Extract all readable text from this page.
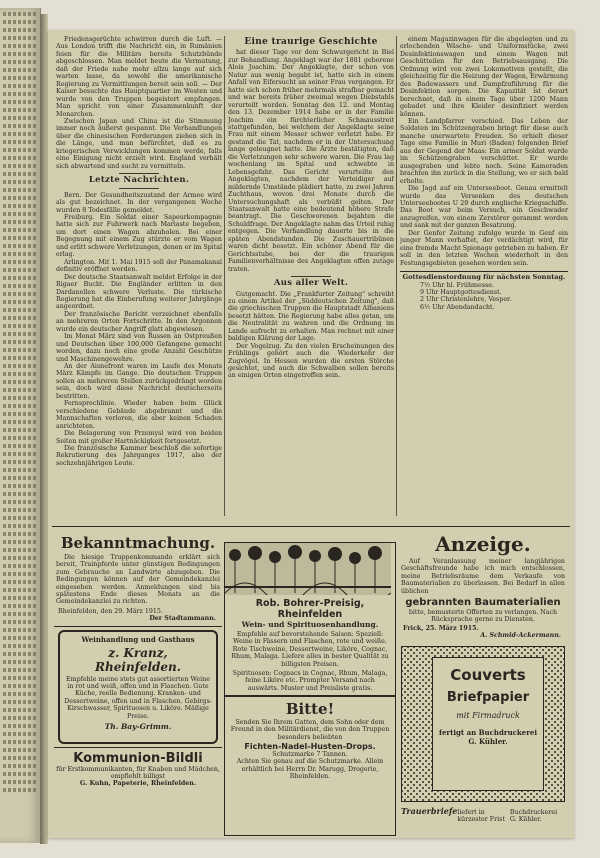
Friedensgerüchte schwirren durch die Luft. — Aus London trifft die Nachricht ein, in Rumänien feien für die Militärs bereits Schutzbünde abgeschlossen. Man meldet heute die Vermutung, daß der Friede nahe mehr allzu lange auf sich warten lasse, da sowohl die amerikanische Regierung zu Vermittlungen bereit sein soll. — Der Kaiser besuchte das Hauptquartier im Westen und wurde von den Truppen begeistert empfangen. Man spricht von einer Zusammenkunft der Monarchen.

Zwischen Japan und China ist die Stimmung immer noch äußerst gespannt. Die Verhandlungen über die chinesischen Forderungen ziehen sich in die Länge, und man befürchtet, daß es zu kriegerischen Verwicklungen kommen werde, falls eine Einigung nicht erzielt wird. England verhält sich abwartend und sucht zu vermitteln.

Letzte Nachrichten.

Bern. Der Gesundheitszustand der Armee wird als gut bezeichnet. In der vergangenen Woche wurden 8 Todesfälle gemeldet.

Freiburg. Ein Soldat einer Sapeurkompagnie hatte sich zur Fuhrwerk nach Mariaste begeben, um dort einen Wagen abzuholen. Bei einer Begegnung mit einem Zug stürzte er vom Wagen und erlitt schwere Verletzungen, denen er im Spital erlag.

Arlington. Mit 1. Mai 1915 soll der Panamakanal definitiv eröffnet werden.

Der deutsche Staatsanwalt meldet Erfolge in der Rigaer Bucht. Die Engländer erlitten in den Dardanellen schwere Verluste. Die türkische Regierung hat die Einberufung weiterer Jahrgänge angeordnet.

Der französische Bericht verzeichnet ebenfalls an mehreren Orten Fortschritte. In den Argonnen wurde ein deutscher Angriff glatt abgewiesen.

Im Monat März sind von Russen an Ostpreußen und Deutschen über 100,000 Gefangene gemacht worden, dazu noch eine große Anzahl Geschütze und Maschinengewehre.

An der Aisnefront waren im Laufe des Monats März Kämpfe im Gange. Die deutschen Truppen sollen an mehreren Stellen zurückgedrängt worden sein, doch wird diese Nachricht deutscherseits bestritten.

Fernsprechlinie. Wieder haben beim Glück verschiedene Gebäude abgebrannt und die Mannschaften verloren, die aber keinen Schaden anrichteten.

Die Belagerung von Przemysl wird von beiden Seiten mit großer Hartnäckigkeit fortgesetzt.

Die französische Kammer beschloß die sofortige Rekrutierung des Jahrganges 1917, also der sechzehnjährigen Leute.

Eine traurige Geschichte

hat dieser Tage vor dem Schwurgericht in Biel zur Behandlung. Angeklagt war der 1881 geborene Alois Joachim. Der Angeklagte, der schon von Natur aus wenig begabt ist, hatte sich in einem Anfall von Eifersucht an seiner Frau vergangen. Er hatte sich schon früher mehrmals strafbar gemacht und war bereits früher zweimal wegen Diebstahls verurteilt worden. Sonntag den 12. und Montag den 13. Dezember 1914 habe er in der Familie Joachim ein fürchterlicher Schmausstreit stattgefunden, bei welchem der Angeklagte seine Frau mit einem Messer schwer verletzt habe. Er gestand die Tat, nachdem er in der Untersuchung lange geleugnet hatte. Die Ärzte bestätigten, daß die Verletzungen sehr schwere waren. Die Frau lag wochenlang im Spital und schwebte in Lebensgefahr. Das Gericht verurteilte den Angeklagten, nachdem der Verteidiger auf mildernde Umstände plädiert hatte, zu zwei Jahren Zuchthaus, wovon drei Monate durch die Untersuchungshaft als verbüßt gelten. Der Staatsanwalt hatte eine bedeutend höhere Strafe beantragt. Die Geschworenen bejahten die Schuldfrage. Der Angeklagte nahm das Urteil ruhig entgegen. Die Verhandlung dauerte bis in die späten Abendstunden. Die Zuschauertribünen waren dicht besetzt. Ein schöner Abend für die Gerichtsstube, bei der die traurigen Familienverhältnisse des Angeklagten offen zutage traten.

Aus aller Welt.

Gutgemacht. Die „Frankfurter Zeitung" schreibt zu einem Artikel der „Süddeutschen Zeitung", daß die griechischen Truppen die Hauptstadt Albaniens besetzt hätten. Die Regierung habe alles getan, um die Neutralität zu wahren und die Ordnung im Lande aufrecht zu erhalten. Man rechnet mit einer baldigen Klärung der Lage.

Der Vogelzug. Zu den vielen Erscheinungen des Frühlings gehört auch die Wiederkehr der Zugvögel. In Hessen wurden die ersten Störche gesichtet, und auch die Schwalben sollen bereits an einigen Orten eingetroffen sein.

einem Magazinwagen für die abgelegten und zu erlochenden Wäsche- und Uniformstücke, zwei Desinfektionswagen und einem Wagen mit Geschütteilen für den Betriebsausgang. Die Ordnung wird von zwei Lokomotiven gestellt, die gleichzeitig für die Heizung der Wagen, Erwärmung des Badewassers und Dampfzuführung für die Desinfektion sorgen. Die Kapazität ist derart berechnet, daß in einem Tage über 1200 Mann gebadet und ihre Kleider desinfiziert werden können.

Ein Landpfarrer verschied. Das Leben der Soldaten im Schützengraben bringt für diese auch manche unerwartete Freuden. So erhielt dieser Tage eine Familie in Muri (Baden) folgenden Brief aus der Gegend der Maas: Ein armer Soldat wurde im Schützengraben verschüttet. Er wurde ausgegraben und lebte noch. Seine Kameraden brachten ihn zurück in die Stellung, wo er sich bald erholte.

Die Jagd auf ein Unterseeboot. Genau ermittelt wurde das Versenken des deutschen Unterseebootes U 29 durch englische Kriegsschiffe. Das Boot war beim Versuch, ein Geschwader anzugreifen, von einem Zerstörer gerammt worden und sank mit der ganzen Besatzung.

Der Genfer Zeitung zufolge wurde in Genf ein junger Mann verhaftet, der verdächtigt wird, für eine fremde Macht Spionage getrieben zu haben. Er soll in den letzten Wochen wiederholt in den Festungsgebieten gesehen worden sein.

Gottesdienstordnung für nächsten Sonntag.
7½ Uhr hl. Frühmesse.
9 Uhr Hauptgottesdienst.
2 Uhr Christenlehre, Vesper.
6½ Uhr Abendandacht.
Bekanntmachung.

Die hiesige Truppenkommando erklärt sich bereit, Trainpferde unter günstigen Bedingungen zum Gebrauche an Landwirte abzugeben. Die Bedingungen können auf der Gemeindekanzlei eingesehen werden. Anmeldungen sind bis spätestens Ende dieses Monats an die Gemeindekanzlei zu richten.

Rheinfelden, den 29. März 1915.
Der Stadtammann.
Weinhandlung und Gasthaus
z. Kranz, Rheinfelden.

Empfehle meine stets gut assortierten Weine in rot und weiß, offen und in Flaschen. Gute Küche, reelle Bedienung. Kranken- und Dessertweine, offen und in Flaschen. Gebirgs-Kirschwasser, Spirituosen u. Liköre. Mäßige Preise.

Th. Bay-Grimm.
Kommunion-Bildli
für Erstkommunikanten, für Knaben und Mädchen, empfiehlt billigst
G. Kuhn, Papeterie, Rheinfelden.
Rob. Bohrer-Preisig, Rheinfelden
Wein- und Spirituosenhandlung.

Empfehle auf bevorstehende Saison: Speziell: Weine in Fässern und Flaschen, rote und weiße. Rote Tischweine, Dessertweine, Liköre, Cognac, Rhum, Malaga. Liefere alles in bester Qualität zu billigsten Preisen.

Spirituosen: Cognacs in Cognac, Rhum, Malaga, feine Liköre etc. Prompter Versand nach auswärts. Muster und Preisliste gratis.

Bitte!

Senden Sie Ihrem Gatten, dem Sohn oder dem Freund in den Militärdienst, die von den Truppen besonders beliebten

Fichten-Nadel-Husten-Drops.
Schutzmarke 7 Tannen.

Achten Sie genau auf die Schutzmarke. Allein erhältlich bei Herrn Dr. Marugg, Drogerie, Rheinfelden.

Anzeige.

Auf Veranlassung meiner langjährigen Geschäftsfreunde habe ich mich entschlossen, meine Betriebsräume dem Verkaufe von Baumaterialien zu überlassen. Bei Bedarf in allen üblichen

gebrannten Baumaterialien

bitte, bemusterte Offerten zu verlangen. Nach Rücksprache gerne zu Diensten.

Frick, 25. März 1915.
A. Schmid-Ackermann.
Couverts
Briefpapier
mit Firmadruck
fertigt an Buchdruckerei G. Kühler.
Trauerbriefe liefert in kürzester Frist
Buchdruckerei G. Kühler.
